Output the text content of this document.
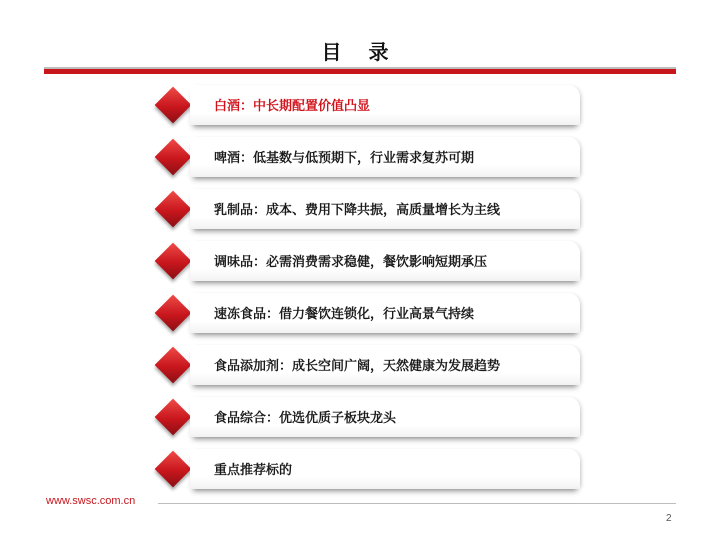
目 录
白酒：中长期配置价值凸显
啤酒：低基数与低预期下，行业需求复苏可期
乳制品：成本、费用下降共振，高质量增长为主线
调味品：必需消费需求稳健，餐饮影响短期承压
速冻食品：借力餐饮连锁化，行业高景气持续
食品添加剂：成长空间广阔，天然健康为发展趋势
食品综合：优选优质子板块龙头
重点推荐标的
www.swsc.com.cn
2
